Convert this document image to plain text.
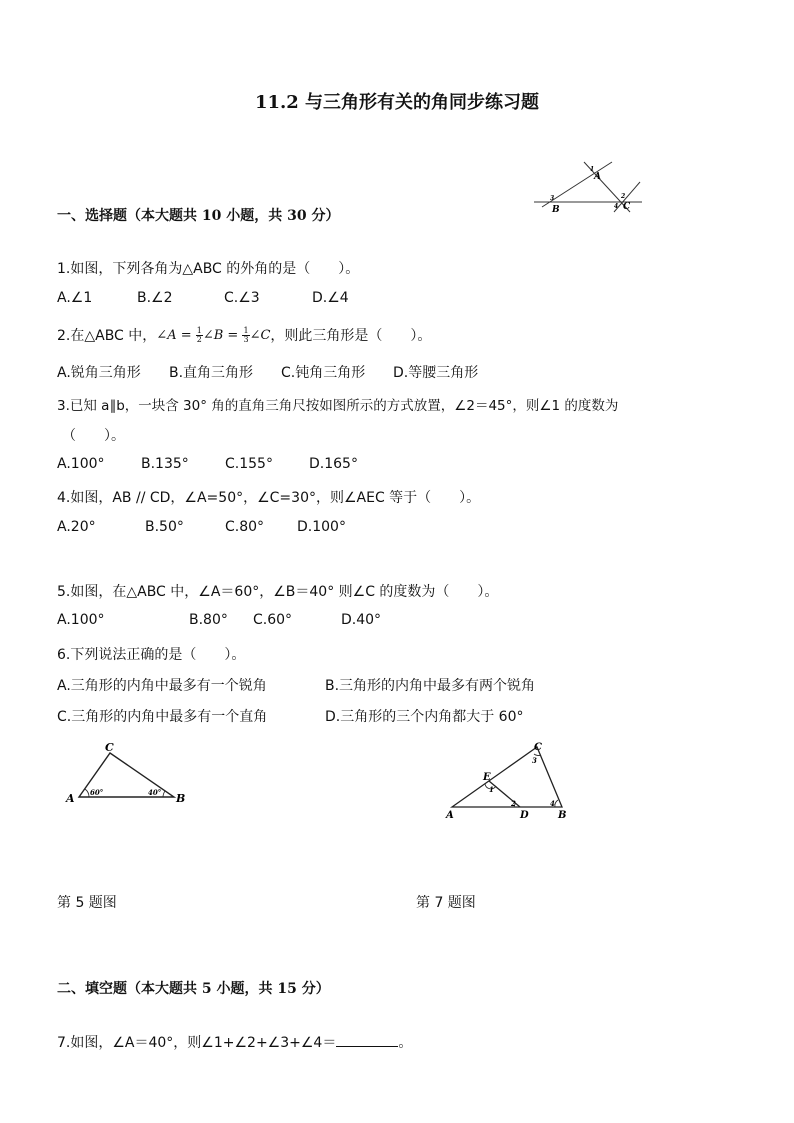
11.2 与三角形有关的角同步练习题
A
B	C
1
2
3
4
一、选择题（本大题共 10 小题，共 30 分）
1.如图，下列各角为△ABC 的外角的是（　　）。
A.∠1	B.∠2	C.∠3	D.∠4
2.在△ABC 中， ∠A = $\frac{1}{2}$ ∠B = $\frac{1}{3}$ ∠C ，则此三角形是（　　）。
A.锐角三角形 B.直角三角形 C.钝角三角形 D.等腰三角形
3.已知 a∥b，一块含 30° 角的直角三角尺按如图所示的方式放置，∠2＝45°，则∠1 的度数为
（　　）。
A.100°	B.135°	C.155°	D.165°
4.如图，AB // CD，∠A=50°，∠C=30°，则∠AEC 等于（　　）。
A.20°	B.50°	C.80° D.100°
5.如图，在△ABC 中，∠A＝60°，∠B＝40° 则∠C 的度数为（　　）。
A.100°	B.80° C.60°	D.40°
6.下列说法正确的是（　　）。
A.三角形的内角中最多有一个锐角	B.三角形的内角中最多有两个锐角
C.三角形的内角中最多有一个直角	D.三角形的三个内角都大于 60°
C
A	B
60°	40°
C
E
A	D	B
1
2
3
4
第 5 题图	第 7 题图
二、填空题（本大题共 5 小题，共 15 分）
7.如图，∠A＝40°，则∠1+∠2+∠3+∠4＝	。
